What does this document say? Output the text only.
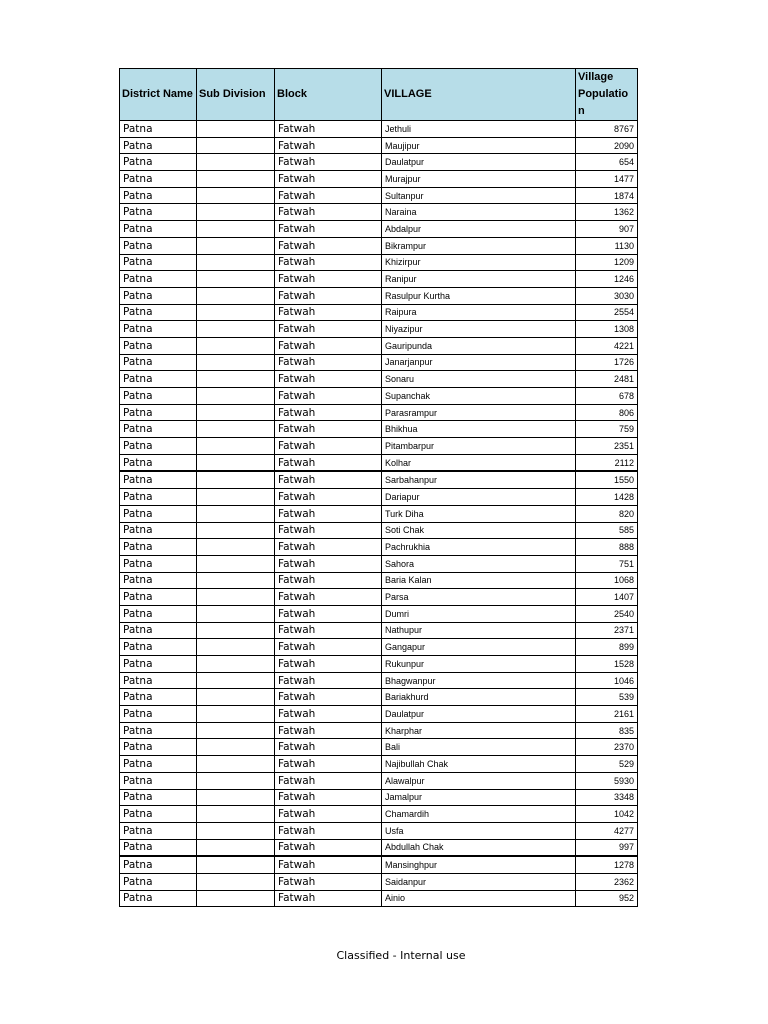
District Name	Sub Division	Block	VILLAGE	Village Populatio n
Patna		Fatwah	Jethuli	8767
Patna		Fatwah	Maujipur	2090
Patna		Fatwah	Daulatpur	654
Patna		Fatwah	Murajpur	1477
Patna		Fatwah	Sultanpur	1874
Patna		Fatwah	Naraina	1362
Patna		Fatwah	Abdalpur	907
Patna		Fatwah	Bikrampur	1130
Patna		Fatwah	Khizirpur	1209
Patna		Fatwah	Ranipur	1246
Patna		Fatwah	Rasulpur Kurtha	3030
Patna		Fatwah	Raipura	2554
Patna		Fatwah	Niyazipur	1308
Patna		Fatwah	Gauripunda	4221
Patna		Fatwah	Janarjanpur	1726
Patna		Fatwah	Sonaru	2481
Patna		Fatwah	Supanchak	678
Patna		Fatwah	Parasrampur	806
Patna		Fatwah	Bhikhua	759
Patna		Fatwah	Pitambarpur	2351
Patna		Fatwah	Kolhar	2112
Patna		Fatwah	Sarbahanpur	1550
Patna		Fatwah	Dariapur	1428
Patna		Fatwah	Turk Diha	820
Patna		Fatwah	Soti Chak	585
Patna		Fatwah	Pachrukhia	888
Patna		Fatwah	Sahora	751
Patna		Fatwah	Baria Kalan	1068
Patna		Fatwah	Parsa	1407
Patna		Fatwah	Dumri	2540
Patna		Fatwah	Nathupur	2371
Patna		Fatwah	Gangapur	899
Patna		Fatwah	Rukunpur	1528
Patna		Fatwah	Bhagwanpur	1046
Patna		Fatwah	Bariakhurd	539
Patna		Fatwah	Daulatpur	2161
Patna		Fatwah	Kharphar	835
Patna		Fatwah	Bali	2370
Patna		Fatwah	Najibullah Chak	529
Patna		Fatwah	Alawalpur	5930
Patna		Fatwah	Jamalpur	3348
Patna		Fatwah	Chamardih	1042
Patna		Fatwah	Usfa	4277
Patna		Fatwah	Abdullah Chak	997
Patna		Fatwah	Mansinghpur	1278
Patna		Fatwah	Saidanpur	2362
Patna		Fatwah	Ainio	952
Classified - Internal use
